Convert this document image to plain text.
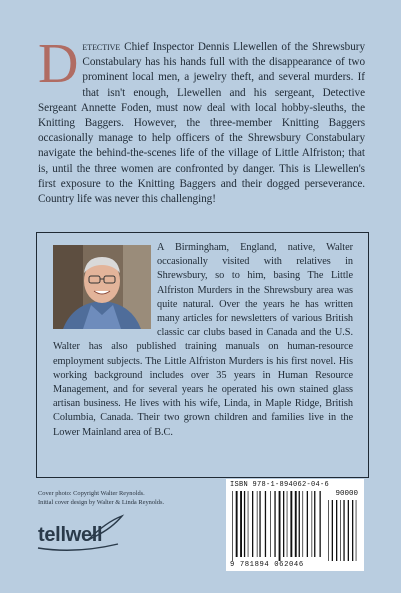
Detective Chief Inspector Dennis Llewellen of the Shrewsbury Constabulary has his hands full with the disappearance of two prominent local men, a jewelry theft, and several murders. If that isn't enough, Llewellen and his sergeant, Detective Sergeant Annette Foden, must now deal with local hobby-sleuths, the Knitting Baggers. However, the three-member Knitting Baggers occasionally manage to help officers of the Shrewsbury Constabulary navigate the behind-the-scenes life of the village of Little Alfriston; that is, until the three women are confronted by danger. This is Llewellen's first exposure to the Knitting Baggers and their dogged perseverance. Country life was never this challenging!
A Birmingham, England, native, Walter occasionally visited with relatives in Shrewsbury, so to him, basing The Little Alfriston Murders in the Shrewsbury area was quite natural. Over the years he has written many articles for newsletters of various British classic car clubs based in Canada and the U.S. Walter has also published training manuals on human-resource employment subjects. The Little Alfriston Murders is his first novel. His working background includes over 35 years in Human Resource Management, and for several years he operated his own stained glass artisan business. He lives with his wife, Linda, in Maple Ridge, British Columbia, Canada. Their two grown children and families live in the Lower Mainland area of B.C.
Cover photo: Copyright Walter Reynolds.
Initial cover design by Walter & Linda Reynolds.
tellwell
ISBN 978-1-894062-04-6
90000
9 781894 062046
